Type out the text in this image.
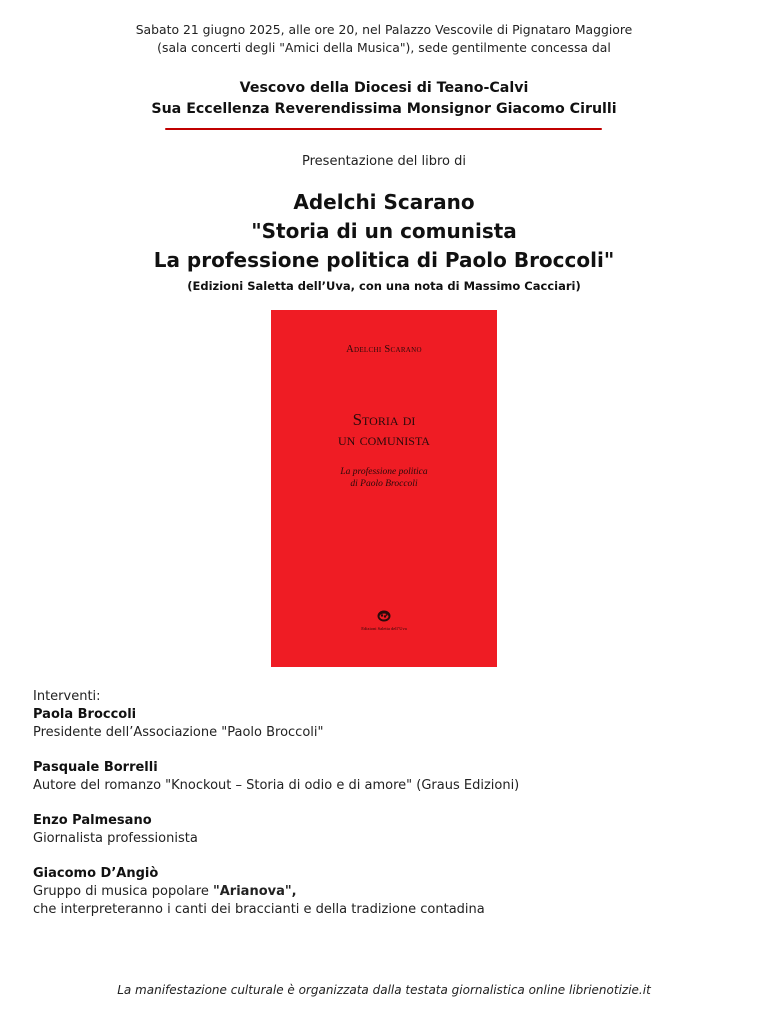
Sabato 21 giugno 2025, alle ore 20, nel Palazzo Vescovile di Pignataro Maggiore
(sala concerti degli "Amici della Musica"), sede gentilmente concessa dal
Vescovo della Diocesi di Teano-Calvi
Sua Eccellenza Reverendissima Monsignor Giacomo Cirulli
Presentazione del libro di
Adelchi Scarano
"Storia di un comunista
La professione politica di Paolo Broccoli"
(Edizioni Saletta dell’Uva, con una nota di Massimo Cacciari)
Adelchi Scarano
Storia di
un comunista
La professione politica
di Paolo Broccoli
Edizioni Saletta dell’Uva
Interventi:
Paola Broccoli
Presidente dell’Associazione "Paolo Broccoli"
Pasquale Borrelli
Autore del romanzo "Knockout – Storia di odio e di amore" (Graus Edizioni)
Enzo Palmesano
Giornalista professionista
Giacomo D’Angiò
Gruppo di musica popolare "Arianova",
che interpreteranno i canti dei braccianti e della tradizione contadina
La manifestazione culturale è organizzata dalla testata giornalistica online librienotizie.it
